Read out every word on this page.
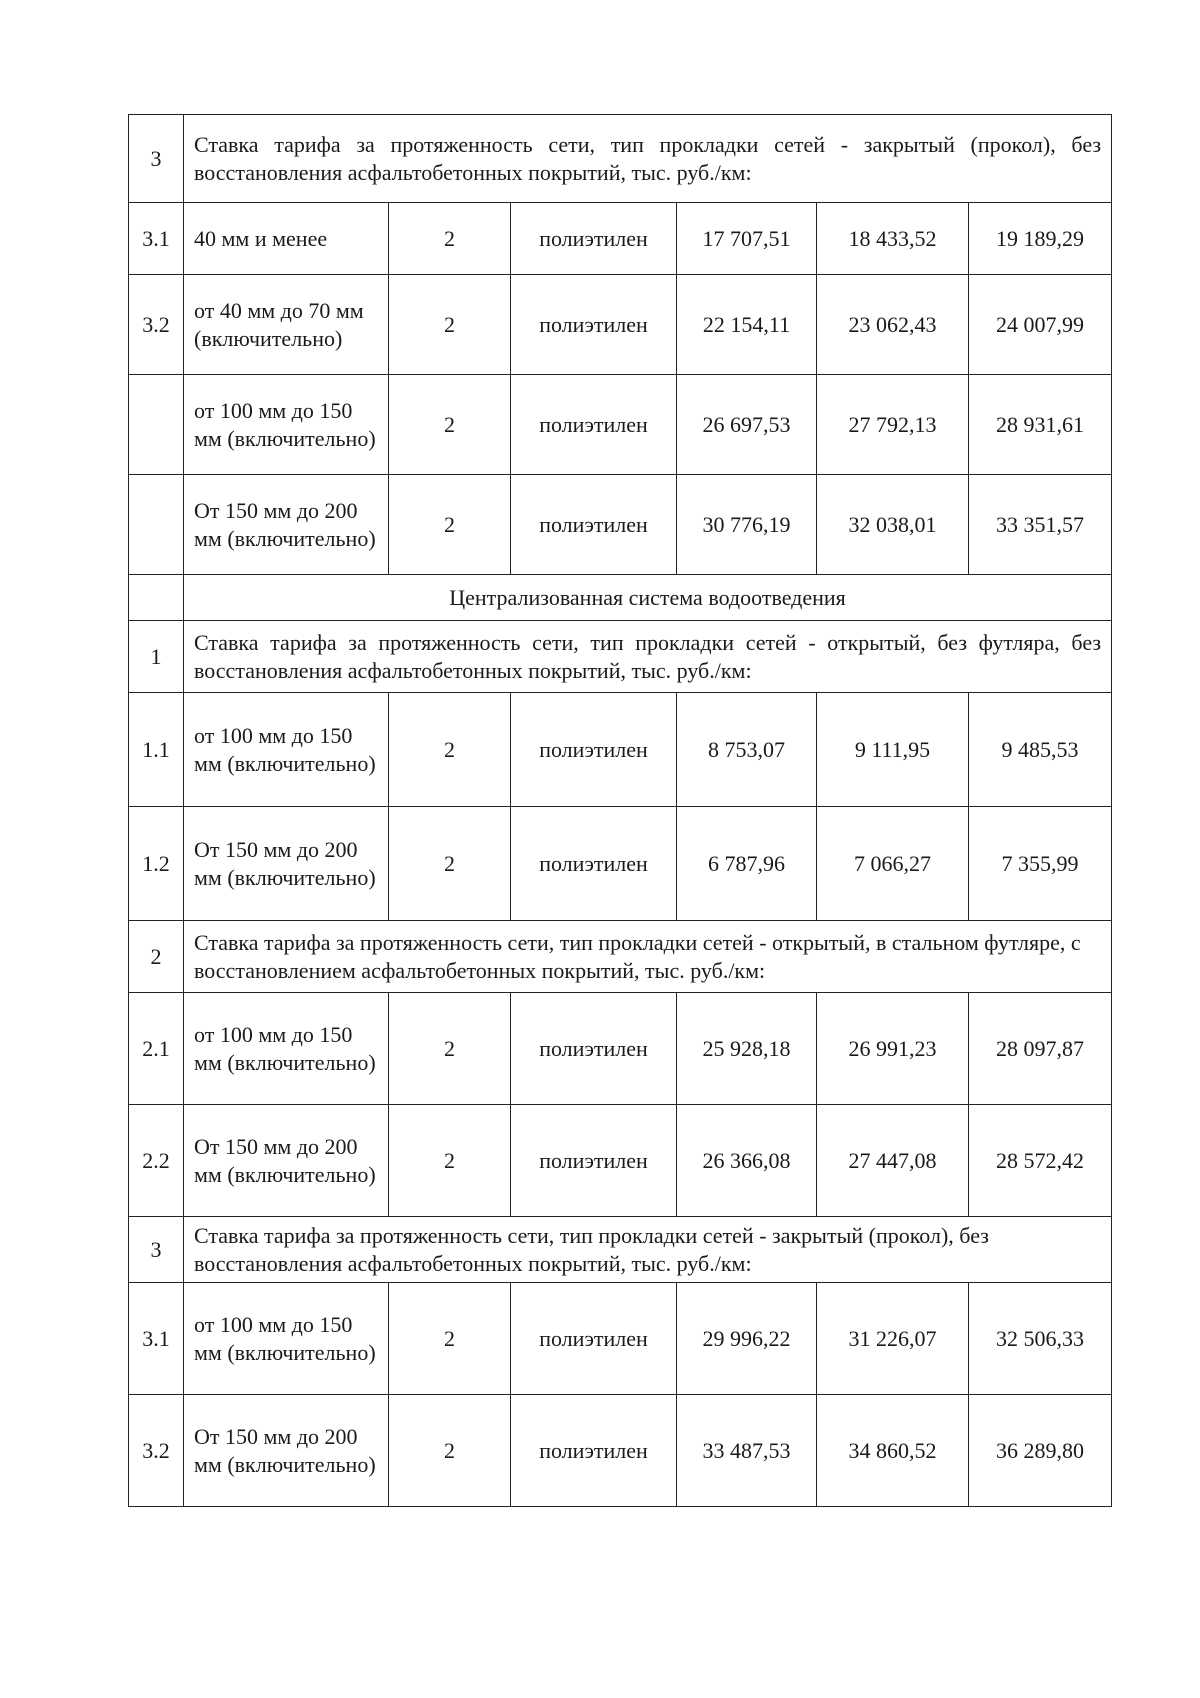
3	Ставка тарифа за протяженность сети, тип прокладки сетей - закрытый (прокол), без восстановления асфальтобетонных покрытий, тыс. руб./км:					
3.1	40 мм и менее	2	полиэтилен	17 707,51	18 433,52	19 189,29
3.2	от 40 мм до 70 мм (включительно)	2	полиэтилен	22 154,11	23 062,43	24 007,99
	от 100 мм до 150 мм (включительно)	2	полиэтилен	26 697,53	27 792,13	28 931,61
	От 150 мм до 200 мм (включительно)	2	полиэтилен	30 776,19	32 038,01	33 351,57
	Централизованная система водоотведения					
1	Ставка тарифа за протяженность сети, тип прокладки сетей - открытый, без футляра, без восстановления асфальтобетонных покрытий, тыс. руб./км:					
1.1	от 100 мм до 150 мм (включительно)	2	полиэтилен	8 753,07	9 111,95	9 485,53
1.2	От 150 мм до 200 мм (включительно)	2	полиэтилен	6 787,96	7 066,27	7 355,99
2	Ставка тарифа за протяженность сети, тип прокладки сетей - открытый, в стальном футляре, с восстановлением асфальтобетонных покрытий, тыс. руб./км:					
2.1	от 100 мм до 150 мм (включительно)	2	полиэтилен	25 928,18	26 991,23	28 097,87
2.2	От 150 мм до 200 мм (включительно)	2	полиэтилен	26 366,08	27 447,08	28 572,42
3	Ставка тарифа за протяженность сети, тип прокладки сетей - закрытый (прокол), без восстановления асфальтобетонных покрытий, тыс. руб./км:					
3.1	от 100 мм до 150 мм (включительно)	2	полиэтилен	29 996,22	31 226,07	32 506,33
3.2	От 150 мм до 200 мм (включительно)	2	полиэтилен	33 487,53	34 860,52	36 289,80
